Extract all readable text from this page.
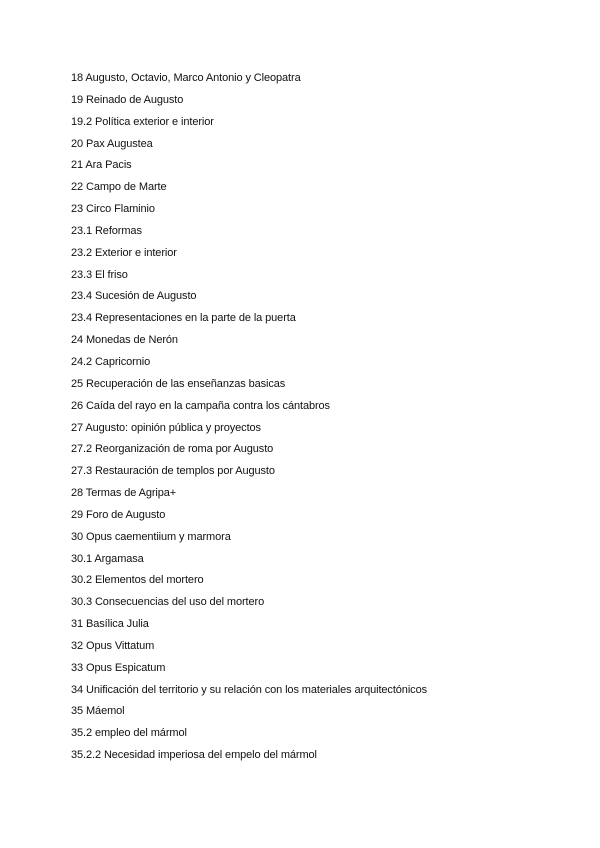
18 Augusto, Octavio, Marco Antonio y Cleopatra
19 Reinado de Augusto
19.2 Política exterior e interior
20 Pax Augustea
21 Ara Pacis
22 Campo de Marte
23 Circo Flaminio
23.1 Reformas
23.2 Exterior e interior
23.3 El friso
23.4 Sucesión de Augusto
23.4 Representaciones en la parte de la puerta
24 Monedas de Nerón
24.2 Capricornio
25 Recuperación de las enseñanzas basicas
26 Caída del rayo en la campaña contra los cántabros
27 Augusto: opinión pública y proyectos
27.2 Reorganización de roma por Augusto
27.3 Restauración de templos por Augusto
28 Termas de Agripa+
29 Foro de Augusto
30 Opus caementiium y marmora
30.1 Argamasa
30.2 Elementos del mortero
30.3 Consecuencias del uso del mortero
31 Basílica Julia
32 Opus Vittatum
33 Opus Espicatum
34 Unificación del territorio y su relación con los materiales arquitectónicos
35 Máemol
35.2 empleo del mármol
35.2.2 Necesidad imperiosa del empelo del mármol
